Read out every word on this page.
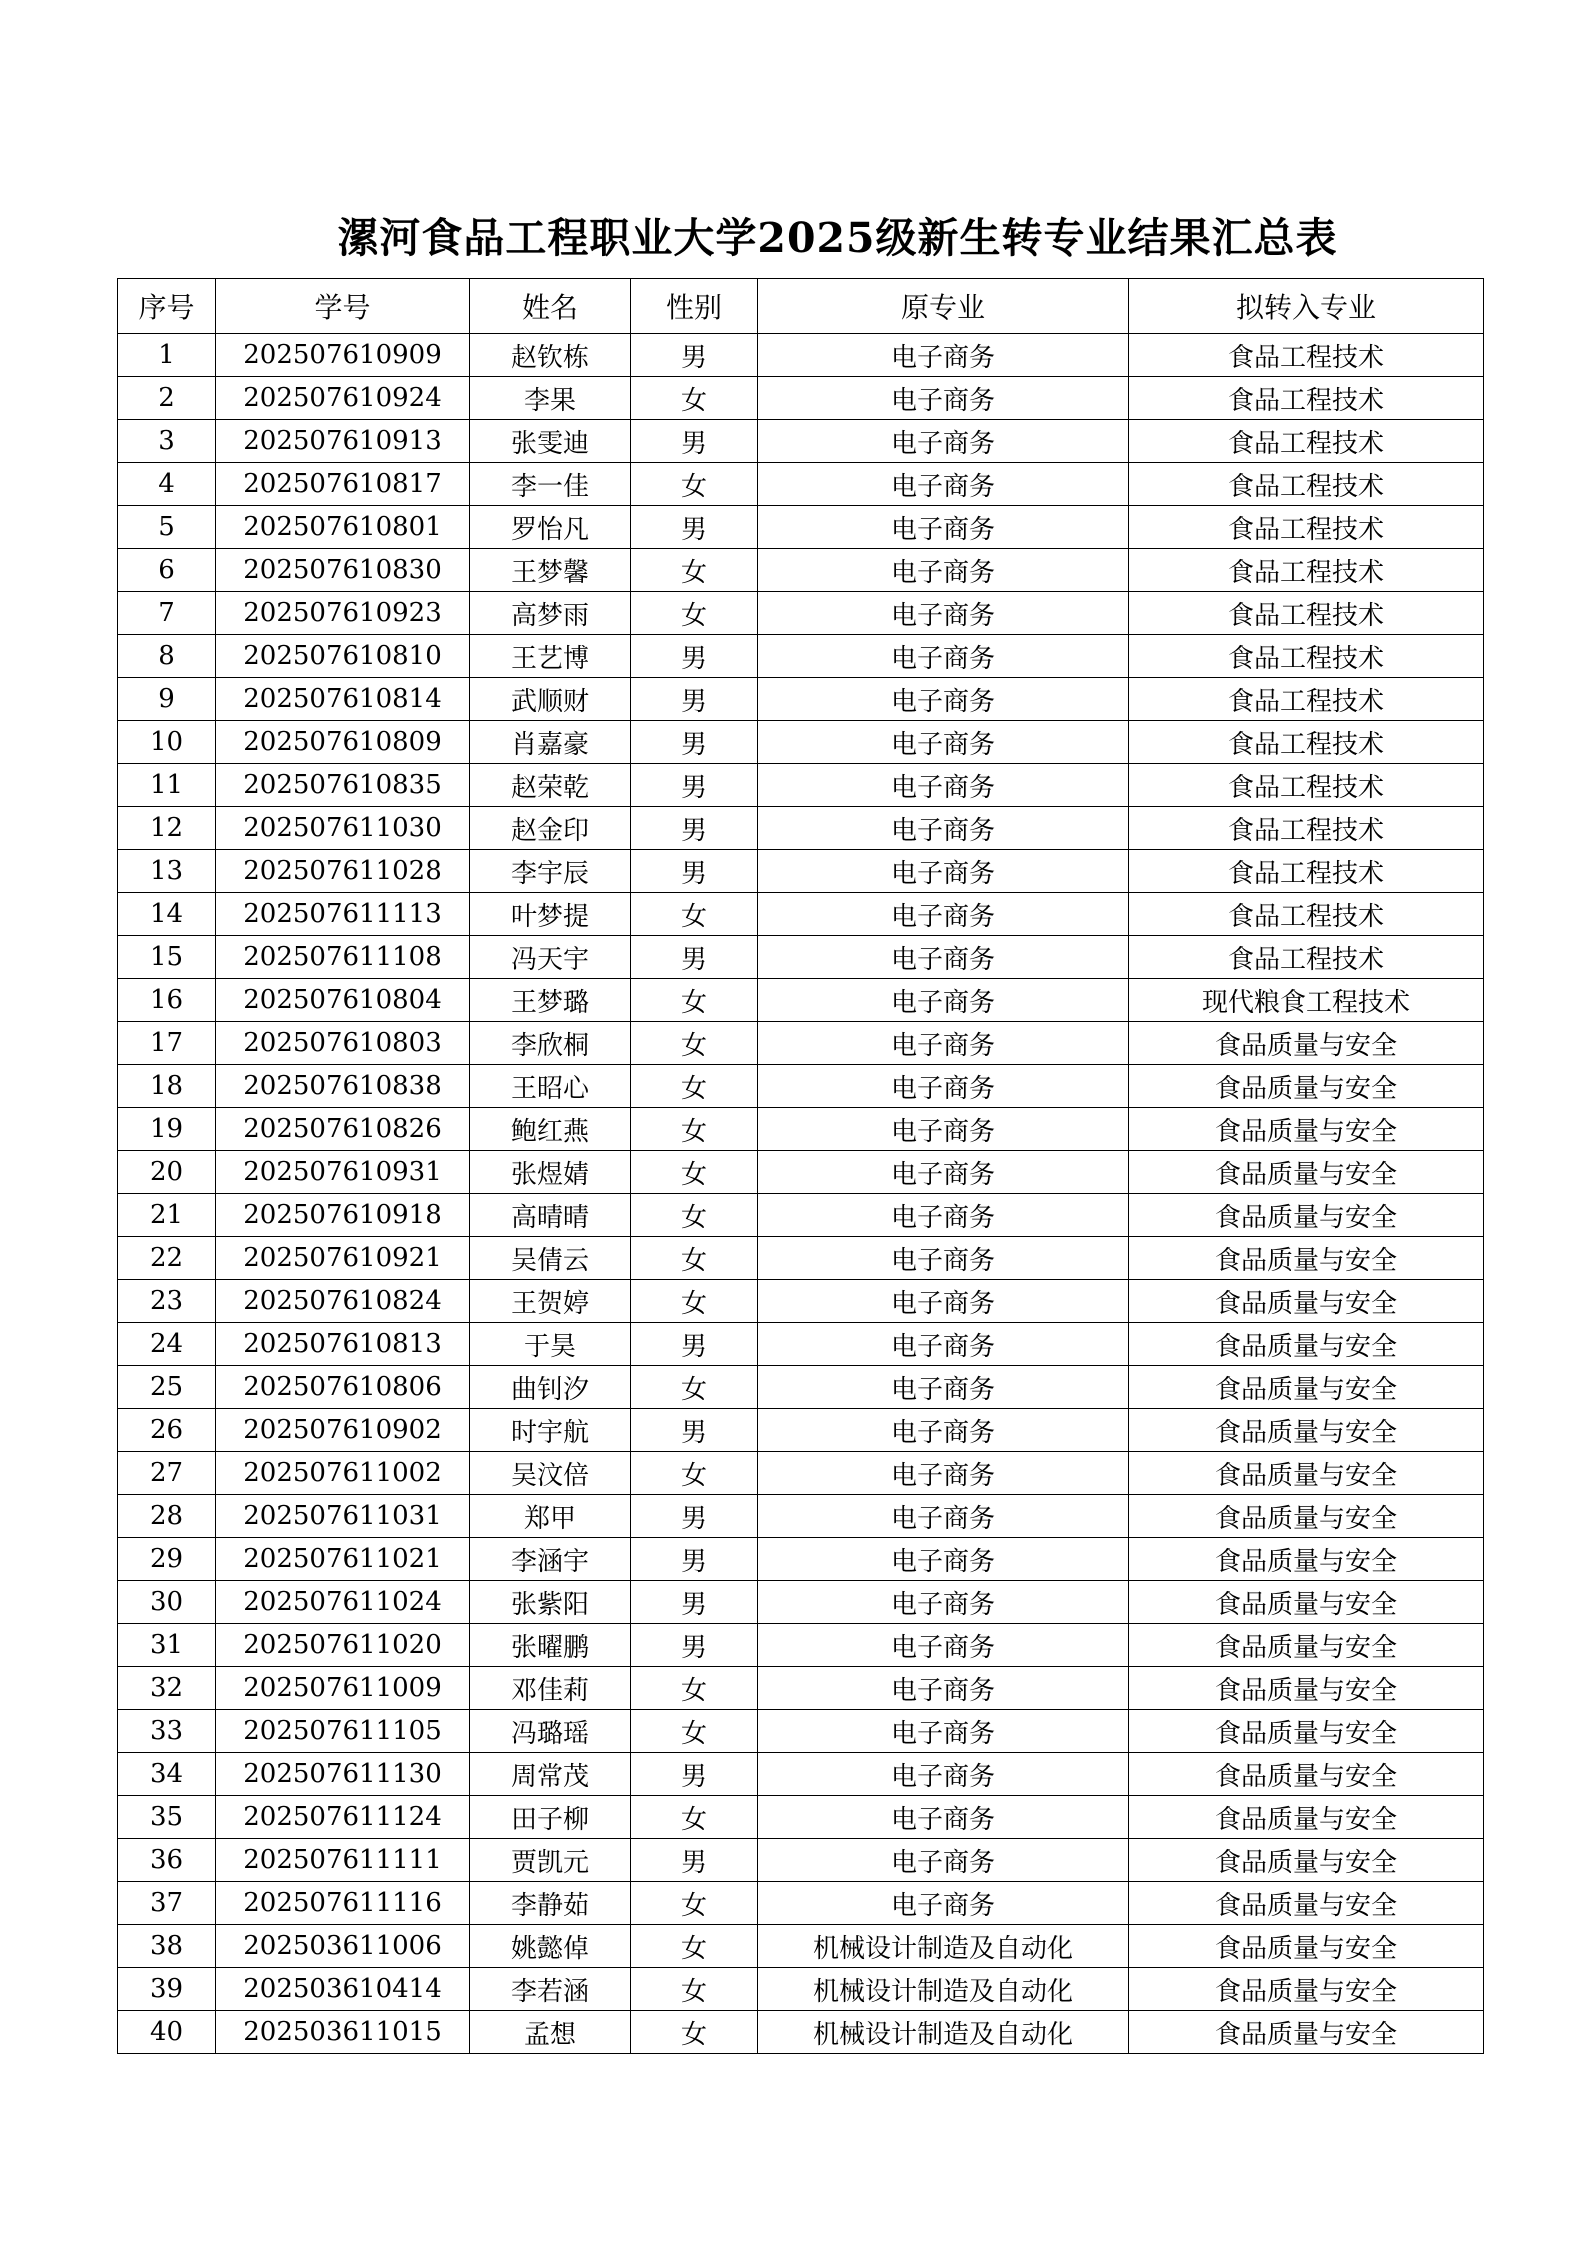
漯河食品工程职业大学2025级新生转专业结果汇总表
序号	学号	姓名	性别	原专业	拟转入专业
1	202507610909	赵钦栋	男	电子商务	食品工程技术
2	202507610924	李果	女	电子商务	食品工程技术
3	202507610913	张雯迪	男	电子商务	食品工程技术
4	202507610817	李一佳	女	电子商务	食品工程技术
5	202507610801	罗怡凡	男	电子商务	食品工程技术
6	202507610830	王梦馨	女	电子商务	食品工程技术
7	202507610923	高梦雨	女	电子商务	食品工程技术
8	202507610810	王艺博	男	电子商务	食品工程技术
9	202507610814	武顺财	男	电子商务	食品工程技术
10	202507610809	肖嘉豪	男	电子商务	食品工程技术
11	202507610835	赵荣乾	男	电子商务	食品工程技术
12	202507611030	赵金印	男	电子商务	食品工程技术
13	202507611028	李宇辰	男	电子商务	食品工程技术
14	202507611113	叶梦提	女	电子商务	食品工程技术
15	202507611108	冯天宇	男	电子商务	食品工程技术
16	202507610804	王梦璐	女	电子商务	现代粮食工程技术
17	202507610803	李欣桐	女	电子商务	食品质量与安全
18	202507610838	王昭心	女	电子商务	食品质量与安全
19	202507610826	鲍红燕	女	电子商务	食品质量与安全
20	202507610931	张煜婧	女	电子商务	食品质量与安全
21	202507610918	高晴晴	女	电子商务	食品质量与安全
22	202507610921	吴倩云	女	电子商务	食品质量与安全
23	202507610824	王贺婷	女	电子商务	食品质量与安全
24	202507610813	于昊	男	电子商务	食品质量与安全
25	202507610806	曲钊汐	女	电子商务	食品质量与安全
26	202507610902	时宇航	男	电子商务	食品质量与安全
27	202507611002	吴汶倍	女	电子商务	食品质量与安全
28	202507611031	郑甲	男	电子商务	食品质量与安全
29	202507611021	李涵宇	男	电子商务	食品质量与安全
30	202507611024	张紫阳	男	电子商务	食品质量与安全
31	202507611020	张曜鹏	男	电子商务	食品质量与安全
32	202507611009	邓佳莉	女	电子商务	食品质量与安全
33	202507611105	冯璐瑶	女	电子商务	食品质量与安全
34	202507611130	周常茂	男	电子商务	食品质量与安全
35	202507611124	田子柳	女	电子商务	食品质量与安全
36	202507611111	贾凯元	男	电子商务	食品质量与安全
37	202507611116	李静茹	女	电子商务	食品质量与安全
38	202503611006	姚懿倬	女	机械设计制造及自动化	食品质量与安全
39	202503610414	李若涵	女	机械设计制造及自动化	食品质量与安全
40	202503611015	孟想	女	机械设计制造及自动化	食品质量与安全
